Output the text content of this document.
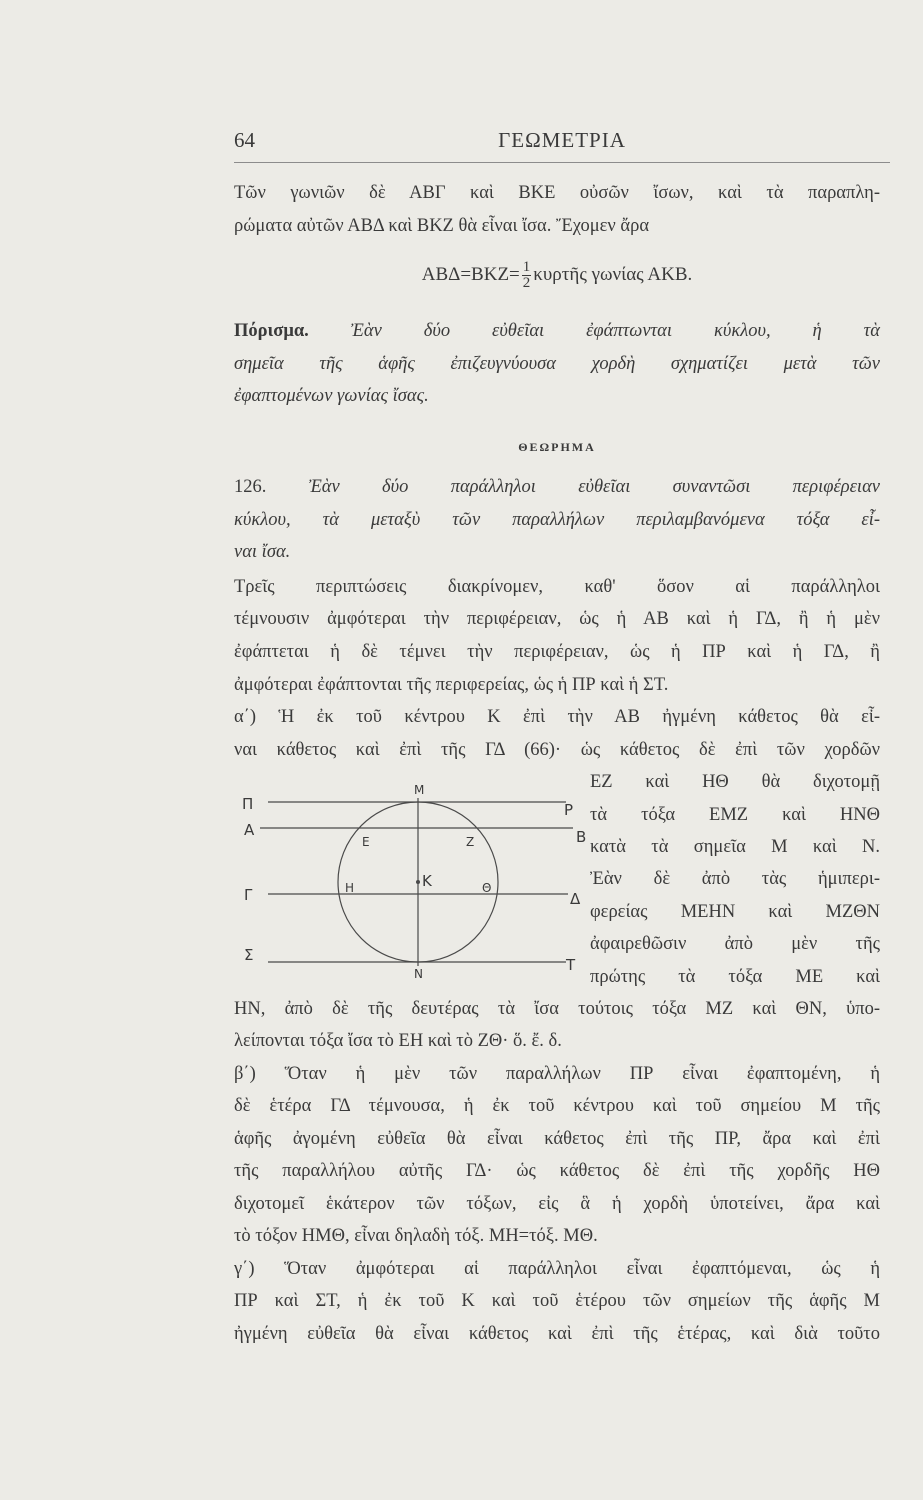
64	ΓΕΩΜΕΤΡΙΑ
Τῶν γωνιῶν δὲ ΑΒΓ καὶ ΒΚΕ οὐσῶν ἴσων, καὶ τὰ παραπλη-
ρώματα αὐτῶν ΑΒΔ καὶ ΒΚΖ θὰ εἶναι ἴσα. Ἔχομεν ἄρα
$AB\Delta=BKZ= \frac{1}{2}$ κυρτῆς γωνίας ΑΚΒ.
Πόρισμα. Ἐὰν δύο εὐθεῖαι ἐφάπτωνται κύκλου, ἡ τὰ
σημεῖα τῆς ἁφῆς ἐπιζευγνύουσα χορδὴ σχηματίζει μετὰ τῶν
ἐφαπτομένων γωνίας ἴσας.
ΘΕΩΡΗΜΑ
126. Ἐὰν δύο παράλληλοι εὐθεῖαι συναντῶσι περιφέρειαν
κύκλου, τὰ μεταξὺ τῶν παραλλήλων περιλαμβανόμενα τόξα εἶ-
ναι ἴσα.
Τρεῖς περιπτώσεις διακρίνομεν, καθ' ὅσον αἱ παράλληλοι
τέμνουσιν ἀμφότεραι τὴν περιφέρειαν, ὡς ἡ ΑΒ καὶ ἡ ΓΔ, ἢ ἡ μὲν
ἐφάπτεται ἡ δὲ τέμνει τὴν περιφέρειαν, ὡς ἡ ΠΡ καὶ ἡ ΓΔ, ἢ
ἀμφότεραι ἐφάπτονται τῆς περιφερείας, ὡς ἡ ΠΡ καὶ ἡ ΣΤ.
α΄) Ἡ ἐκ τοῦ κέντρου Κ ἐπὶ τὴν ΑΒ ἠγμένη κάθετος θὰ εἶ-
ναι κάθετος καὶ ἐπὶ τῆς ΓΔ (66)· ὡς κάθετος δὲ ἐπὶ τῶν χορδῶν
ΕΖ καὶ ΗΘ θὰ διχοτομῇ
τὰ τόξα ΕΜΖ καὶ ΗΝΘ
κατὰ τὰ σημεῖα Μ καὶ Ν.
Ἐὰν δὲ ἀπὸ τὰς ἡμιπερι-
φερείας ΜΕΗΝ καὶ ΜΖΘΝ
ἀφαιρεθῶσιν ἀπὸ μὲν τῆς
πρώτης τὰ τόξα ΜΕ καὶ
Π
Α
Γ
Σ
Μ
Ν
Κ
Ε	Ζ
Η	Θ
Ρ
Β
Δ
Τ
ΗΝ, ἀπὸ δὲ τῆς δευτέρας τὰ ἴσα τούτοις τόξα ΜΖ καὶ ΘΝ, ὑπο-
λείπονται τόξα ἴσα τὸ ΕΗ καὶ τὸ ΖΘ· ὅ. ἔ. δ.
β΄) Ὅταν ἡ μὲν τῶν παραλλήλων ΠΡ εἶναι ἐφαπτομένη, ἡ
δὲ ἑτέρα ΓΔ τέμνουσα, ἡ ἐκ τοῦ κέντρου καὶ τοῦ σημείου Μ τῆς
ἁφῆς ἀγομένη εὐθεῖα θὰ εἶναι κάθετος ἐπὶ τῆς ΠΡ, ἄρα καὶ ἐπὶ
τῆς παραλλήλου αὐτῆς ΓΔ· ὡς κάθετος δὲ ἐπὶ τῆς χορδῆς ΗΘ
διχοτομεῖ ἑκάτερον τῶν τόξων, εἰς ἃ ἡ χορδὴ ὑποτείνει, ἄρα καὶ
τὸ τόξον ΗΜΘ, εἶναι δηλαδὴ τόξ. ΜΗ=τόξ. ΜΘ.
γ΄) Ὅταν ἀμφότεραι αἱ παράλληλοι εἶναι ἐφαπτόμεναι, ὡς ἡ
ΠΡ καὶ ΣΤ, ἡ ἐκ τοῦ Κ καὶ τοῦ ἑτέρου τῶν σημείων τῆς ἁφῆς Μ
ἠγμένη εὐθεῖα θὰ εἶναι κάθετος καὶ ἐπὶ τῆς ἑτέρας, καὶ διὰ τοῦτο
